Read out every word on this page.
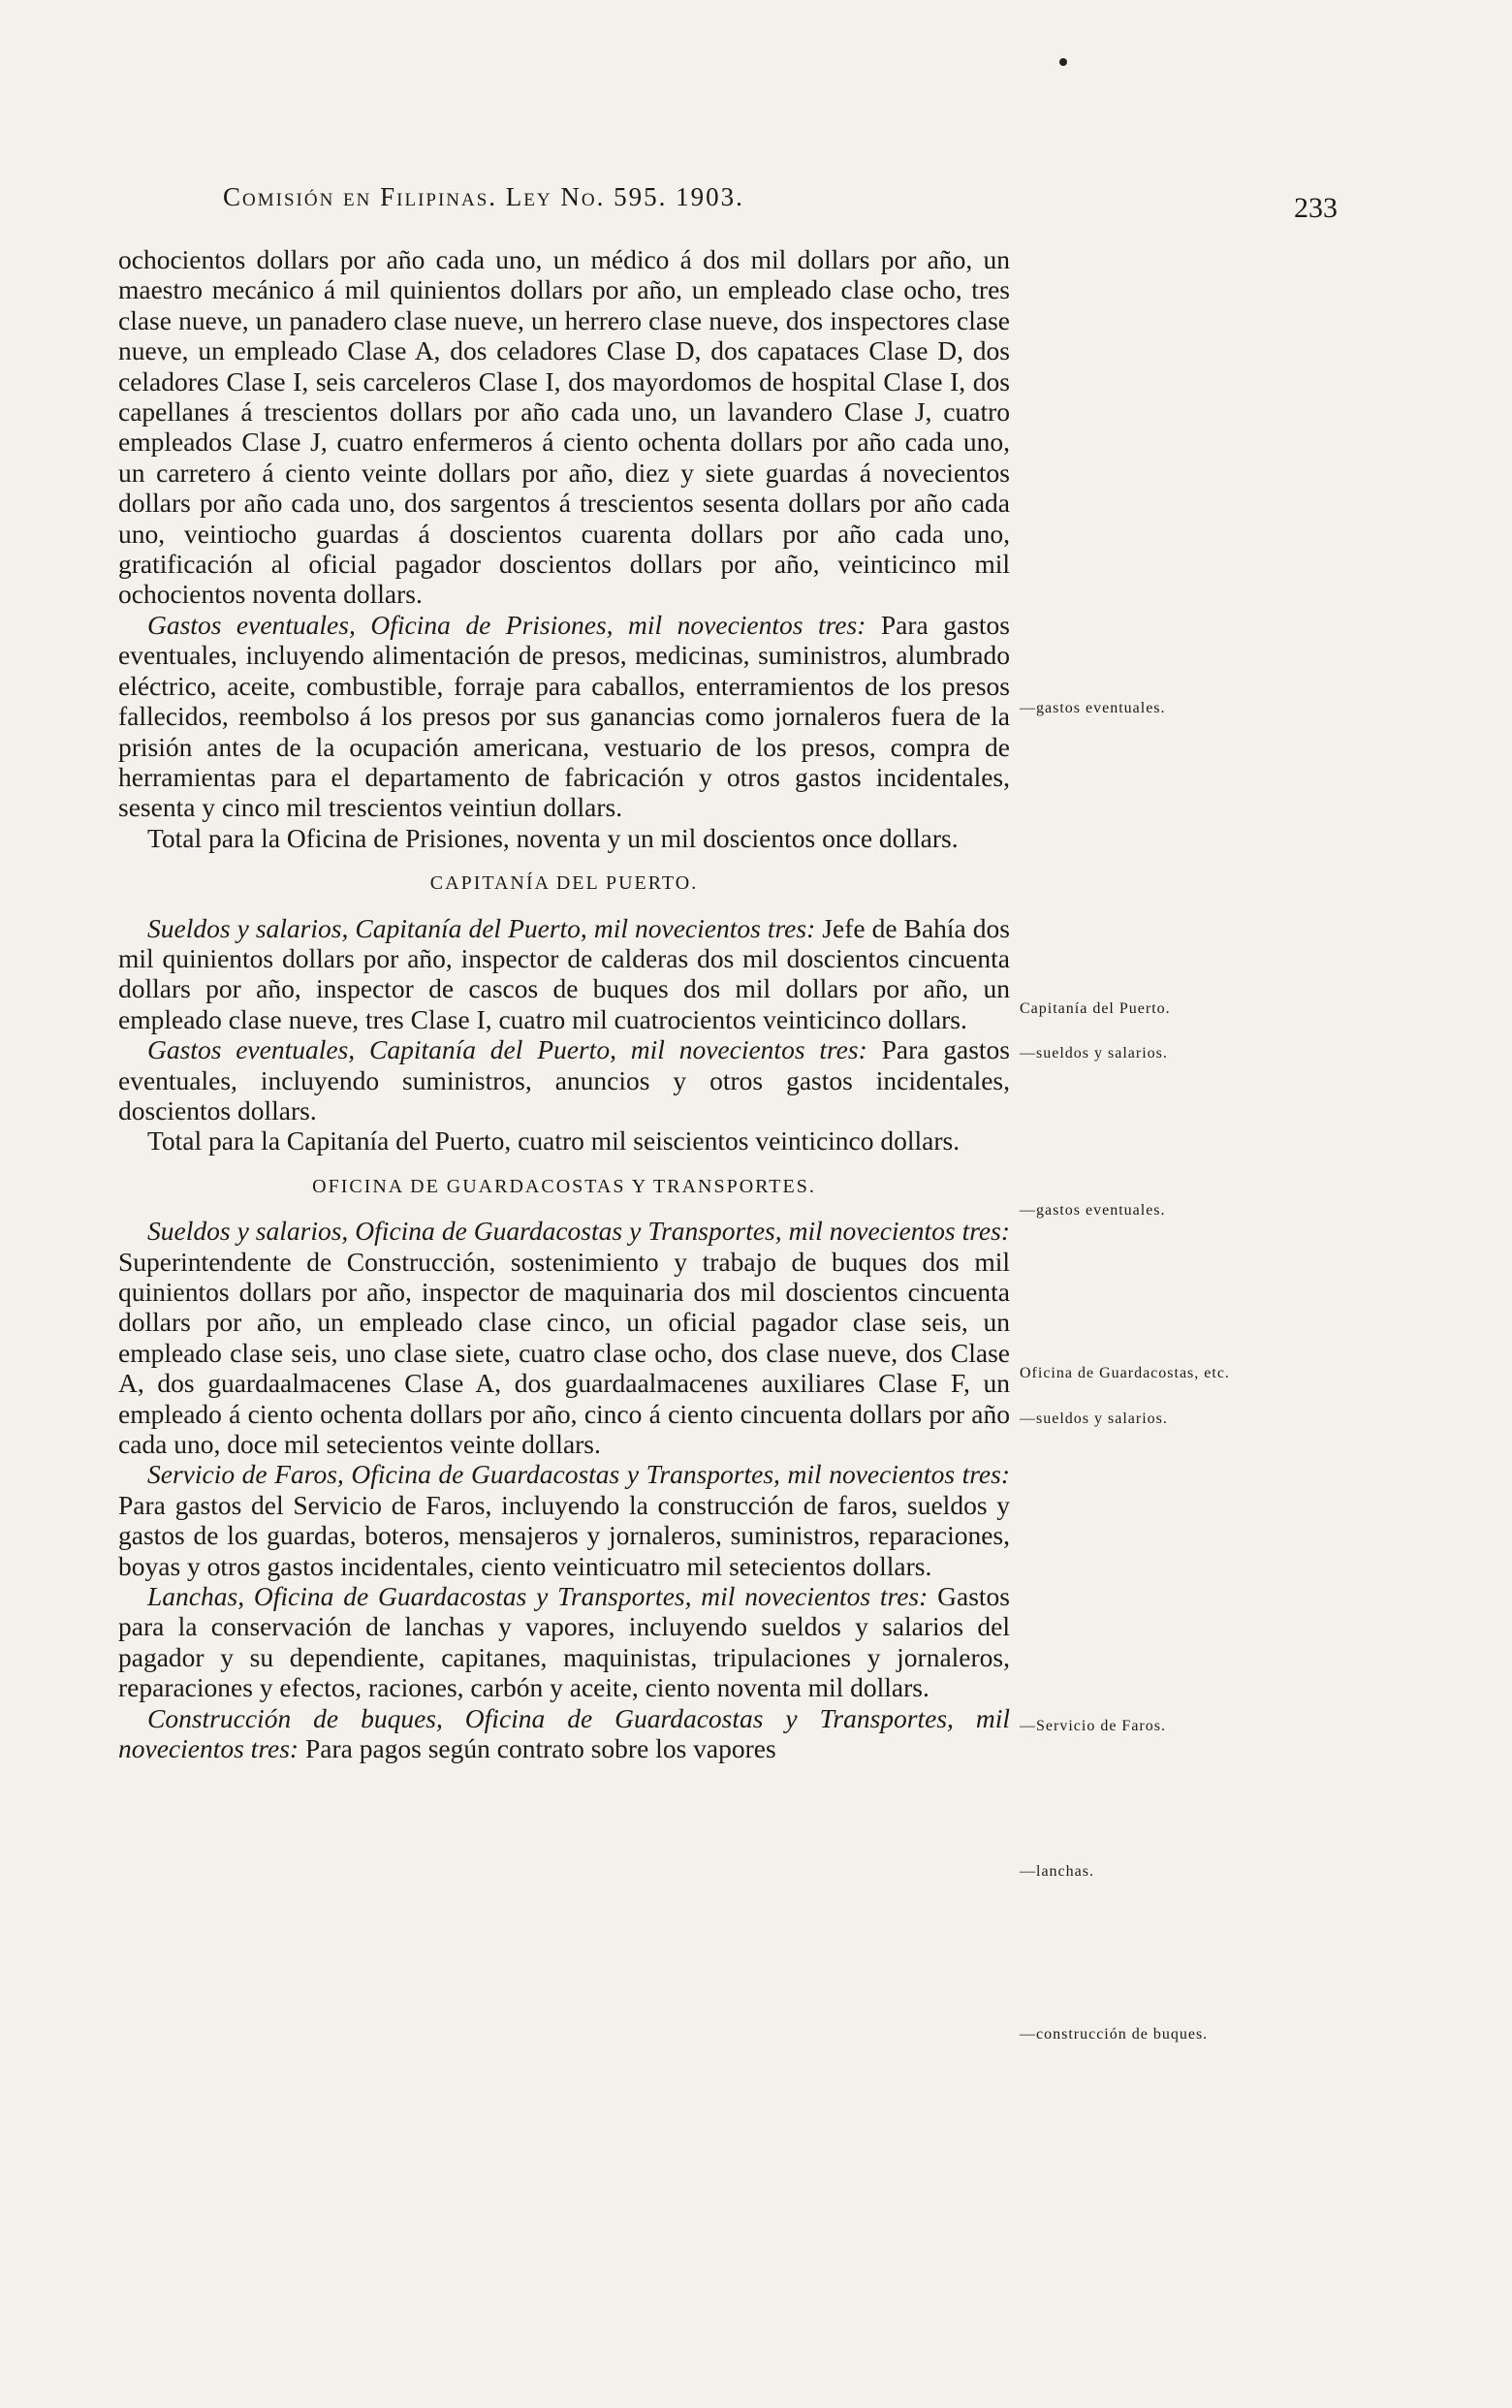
Comisión en Filipinas. Ley No. 595. 1903.	233

ochocientos dollars por año cada uno, un médico á dos mil dollars por año, un maestro mecánico á mil quinientos dollars por año, un empleado clase ocho, tres clase nueve, un panadero clase nueve, un herrero clase nueve, dos inspectores clase nueve, un empleado Clase A, dos celadores Clase D, dos capataces Clase D, dos celadores Clase I, seis carceleros Clase I, dos mayordomos de hospital Clase I, dos capellanes á trescientos dollars por año cada uno, un lavandero Clase J, cuatro empleados Clase J, cuatro enfermeros á ciento ochenta dollars por año cada uno, un carretero á ciento veinte dollars por año, diez y siete guardas á novecientos dollars por año cada uno, dos sargentos á trescientos sesenta dollars por año cada uno, veintiocho guardas á doscientos cuarenta dollars por año cada uno, gratificación al oficial pagador doscientos dollars por año, veinticinco mil ochocientos noventa dollars.

Gastos eventuales, Oficina de Prisiones, mil novecientos tres: Para gastos eventuales, incluyendo alimentación de presos, medicinas, suministros, alumbrado eléctrico, aceite, combustible, forraje para caballos, enterramientos de los presos fallecidos, reembolso á los presos por sus ganancias como jornaleros fuera de la prisión antes de la ocupación americana, vestuario de los presos, compra de herramientas para el departamento de fabricación y otros gastos incidentales, sesenta y cinco mil trescientos veintiun dollars.

Total para la Oficina de Prisiones, noventa y un mil doscientos once dollars.

CAPITANÍA DEL PUERTO.

Sueldos y salarios, Capitanía del Puerto, mil novecientos tres: Jefe de Bahía dos mil quinientos dollars por año, inspector de calderas dos mil doscientos cincuenta dollars por año, inspector de cascos de buques dos mil dollars por año, un empleado clase nueve, tres Clase I, cuatro mil cuatrocientos veinticinco dollars.

Gastos eventuales, Capitanía del Puerto, mil novecientos tres: Para gastos eventuales, incluyendo suministros, anuncios y otros gastos incidentales, doscientos dollars.

Total para la Capitanía del Puerto, cuatro mil seiscientos veinticinco dollars.

OFICINA DE GUARDACOSTAS Y TRANSPORTES.

Sueldos y salarios, Oficina de Guardacostas y Transportes, mil novecientos tres: Superintendente de Construcción, sostenimiento y trabajo de buques dos mil quinientos dollars por año, inspector de maquinaria dos mil doscientos cincuenta dollars por año, un empleado clase cinco, un oficial pagador clase seis, un empleado clase seis, uno clase siete, cuatro clase ocho, dos clase nueve, dos Clase A, dos guardaalmacenes Clase A, dos guardaalmacenes auxiliares Clase F, un empleado á ciento ochenta dollars por año, cinco á ciento cincuenta dollars por año cada uno, doce mil setecientos veinte dollars.

Servicio de Faros, Oficina de Guardacostas y Transportes, mil novecientos tres: Para gastos del Servicio de Faros, incluyendo la construcción de faros, sueldos y gastos de los guardas, boteros, mensajeros y jornaleros, suministros, reparaciones, boyas y otros gastos incidentales, ciento veinticuatro mil setecientos dollars.

Lanchas, Oficina de Guardacostas y Transportes, mil novecientos tres: Gastos para la conservación de lanchas y vapores, incluyendo sueldos y salarios del pagador y su dependiente, capitanes, maquinistas, tripulaciones y jornaleros, reparaciones y efectos, raciones, carbón y aceite, ciento noventa mil dollars.

Construcción de buques, Oficina de Guardacostas y Transportes, mil novecientos tres: Para pagos según contrato sobre los vapores

—gastos eventuales.
Capitanía del Puerto.
—sueldos y salarios.
—gastos eventuales.
Oficina de Guardacostas, etc.
—sueldos y salarios.
—Servicio de Faros.
—lanchas.
—construcción de buques.
